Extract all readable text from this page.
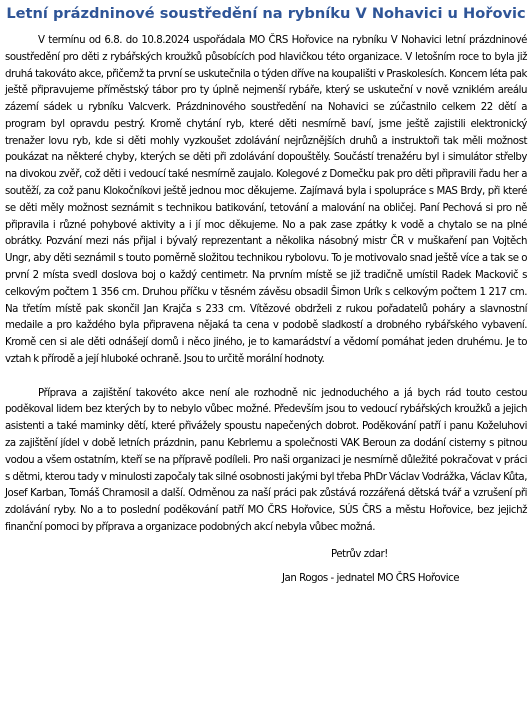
Letní prázdninové soustředění na rybníku V Nohavici u Hořovic

V termínu od 6.8. do 10.8.2024 uspořádala MO ČRS Hořovice na rybníku V Nohavici letní prázdninové soustředění pro děti z rybářských kroužků působících pod hlavičkou této organizace. V letošním roce to byla již druhá takováto akce, přičemž ta první se uskutečnila o týden dříve na koupališti v Praskolesích. Koncem léta pak ještě připravujeme příměstský tábor pro ty úplně nejmenší rybáře, který se uskuteční v nově vzniklém areálu zázemí sádek u rybníku Valcverk. Prázdninového soustředění na Nohavici se zúčastnilo celkem 22 dětí a program byl opravdu pestrý. Kromě chytání ryb, které děti nesmírně baví, jsme ještě zajistili elektronický trenažer lovu ryb, kde si děti mohly vyzkoušet zdolávání nejrůznějších druhů a instruktoři tak měli možnost poukázat na některé chyby, kterých se děti při zdolávání dopouštěly. Součástí trenažéru byl i simulátor střelby na divokou zvěř, což děti i vedoucí také nesmírně zaujalo. Kolegové z Domečku pak pro děti připravili řadu her a soutěží, za což panu Klokočníkovi ještě jednou moc děkujeme. Zajímavá byla i spolupráce s MAS Brdy, při které se děti měly možnost seznámit s technikou batikování, tetování a malování na obličej. Paní Pechová si pro ně připravila i různé pohybové aktivity a i jí moc děkujeme. No a pak zase zpátky k vodě a chytalo se na plné obrátky. Pozvání mezi nás přijal i bývalý reprezentant a několika násobný mistr ČR v muškaření pan Vojtěch Ungr, aby děti seznámil s touto poměrně složitou technikou rybolovu. To je motivovalo snad ještě více a tak se o první 2 místa svedl doslova boj o každý centimetr. Na prvním místě se již tradičně umístil Radek Mackovič s celkovým počtem 1 356 cm. Druhou příčku v těsném závěsu obsadil Šimon Urík s celkovým počtem 1 217 cm. Na třetím místě pak skončil Jan Krajča s 233 cm. Vítězové obdrželi z rukou pořadatelů poháry a slavnostní medaile a pro každého byla připravena nějaká ta cena v podobě sladkostí a drobného rybářského vybavení. Kromě cen si ale děti odnášejí domů i něco jiného, je to kamarádství a vědomí pomáhat jeden druhému. Je to vztah k přírodě a její hluboké ochraně. Jsou to určitě morální hodnoty.

Příprava a zajištění takovéto akce není ale rozhodně nic jednoduchého a já bych rád touto cestou poděkoval lidem bez kterých by to nebylo vůbec možné. Především jsou to vedoucí rybářských kroužků a jejich asistenti a také maminky dětí, které přivážely spoustu napečených dobrot. Poděkování patří i panu Koželuhovi za zajištění jídel v době letních prázdnin, panu Kebrlemu a společnosti VAK Beroun za dodání cisterny s pitnou vodou a všem ostatním, kteří se na přípravě podíleli. Pro naši organizaci je nesmírně důležité pokračovat v práci s dětmi, kterou tady v minulosti započaly tak silné osobnosti jakými byl třeba PhDr Václav Vodrážka, Václav Kůta, Josef Karban, Tomáš Chramosil a další. Odměnou za naší práci pak zůstává rozzářená dětská tvář a vzrušení při zdolávání ryby. No a to poslední poděkování patří MO ČRS Hořovice, SÚS ČRS a městu Hořovice, bez jejichž finanční pomoci by příprava a organizace podobných akcí nebyla vůbec možná.

Petrův zdar!
Jan Rogos - jednatel MO ČRS Hořovice
